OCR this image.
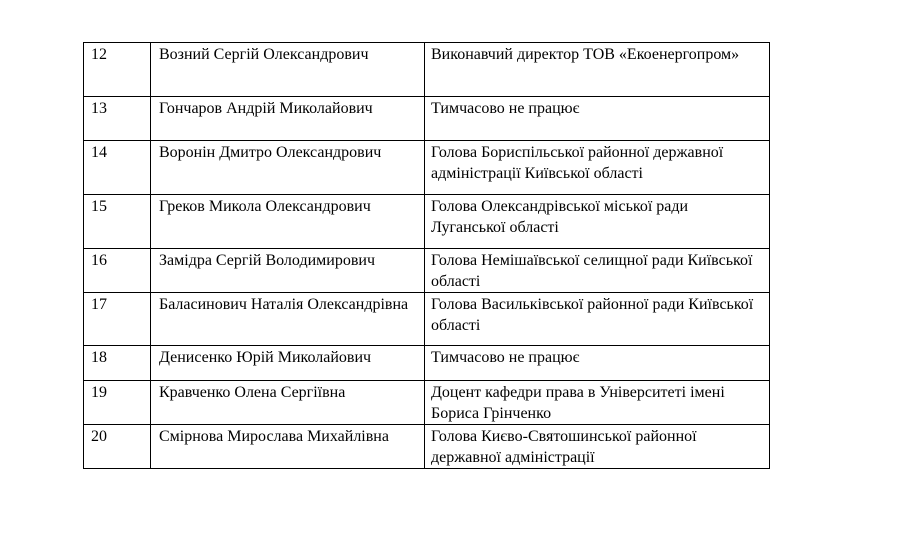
12	Возний Сергій Олександрович	Виконавчий директор ТОВ «Екоенергопром»
13	Гончаров Андрій Миколайович	Тимчасово не працює
14	Воронін Дмитро Олександрович	Голова Бориспільської районної державної адміністрації Київської області
15	Греков Микола Олександрович	Голова Олександрівської міської ради Луганської області
16	Замідра Сергій Володимирович	Голова Немішаївської селищної ради Київської області
17	Баласинович Наталія Олександрівна	Голова Васильківської районної ради Київської області
18	Денисенко Юрій Миколайович	Тимчасово не працює
19	Кравченко Олена Сергіївна	Доцент кафедри права в Університеті імені Бориса Грінченко
20	Смірнова Мирослава Михайлівна	Голова Києво-Святошинської районної державної адміністрації
